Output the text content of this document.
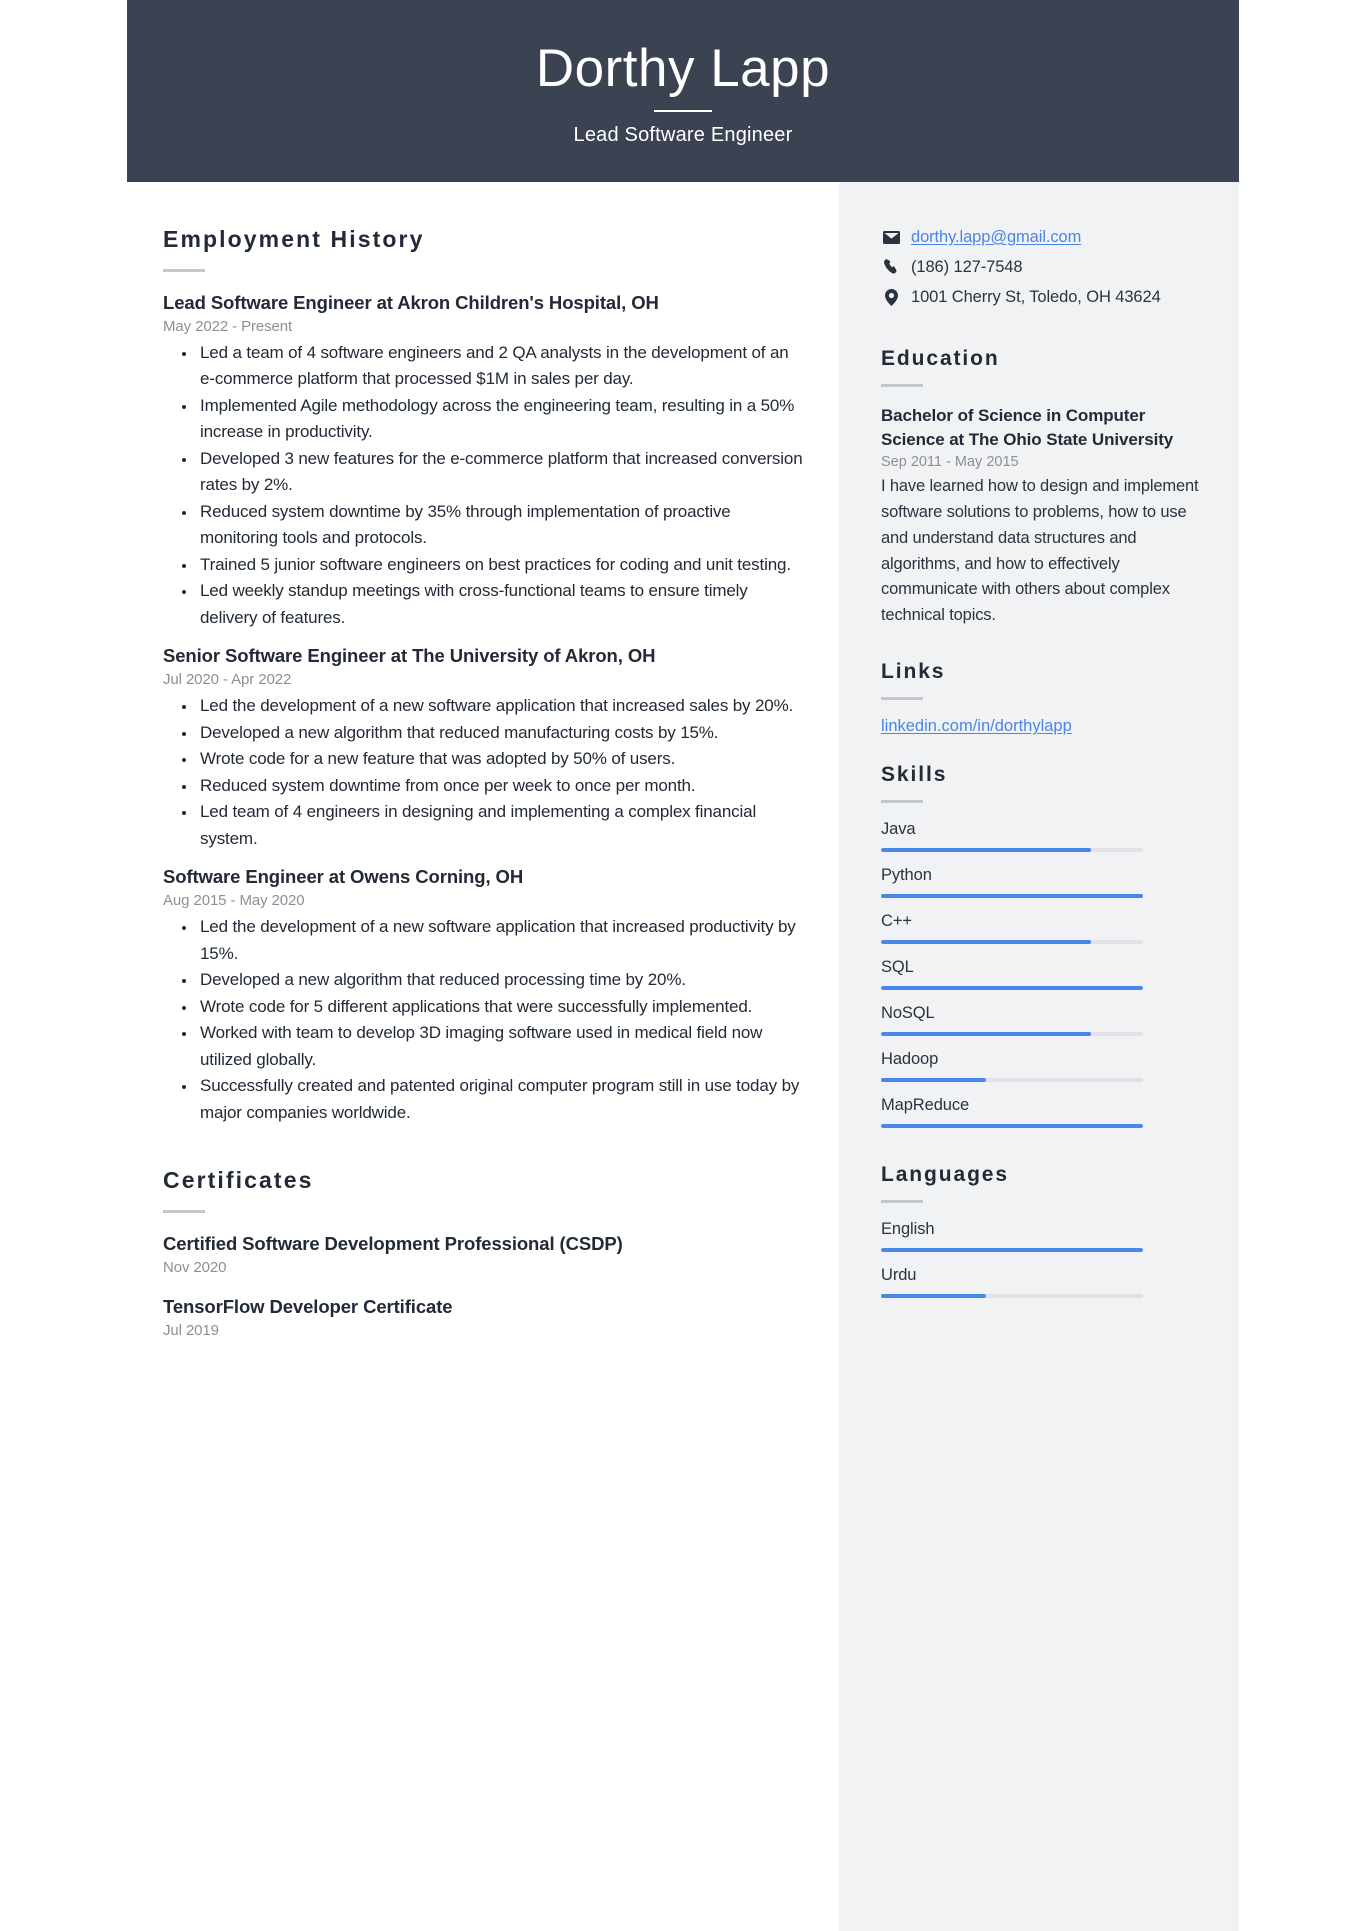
Dorthy Lapp
Lead Software Engineer
Employment History
Lead Software Engineer at Akron Children's Hospital, OH
May 2022 - Present
• Led a team of 4 software engineers and 2 QA analysts in the development of an e-commerce platform that processed $1M in sales per day.
• Implemented Agile methodology across the engineering team, resulting in a 50% increase in productivity.
• Developed 3 new features for the e-commerce platform that increased conversion rates by 2%.
• Reduced system downtime by 35% through implementation of proactive monitoring tools and protocols.
• Trained 5 junior software engineers on best practices for coding and unit testing.
• Led weekly standup meetings with cross-functional teams to ensure timely delivery of features.
Senior Software Engineer at The University of Akron, OH
Jul 2020 - Apr 2022
• Led the development of a new software application that increased sales by 20%.
• Developed a new algorithm that reduced manufacturing costs by 15%.
• Wrote code for a new feature that was adopted by 50% of users.
• Reduced system downtime from once per week to once per month.
• Led team of 4 engineers in designing and implementing a complex financial system.
Software Engineer at Owens Corning, OH
Aug 2015 - May 2020
• Led the development of a new software application that increased productivity by 15%.
• Developed a new algorithm that reduced processing time by 20%.
• Wrote code for 5 different applications that were successfully implemented.
• Worked with team to develop 3D imaging software used in medical field now utilized globally.
• Successfully created and patented original computer program still in use today by major companies worldwide.
Certificates
Certified Software Development Professional (CSDP)
Nov 2020
TensorFlow Developer Certificate
Jul 2019
dorthy.lapp@gmail.com
(186) 127-7548
1001 Cherry St, Toledo, OH 43624
Education
Bachelor of Science in Computer Science at The Ohio State University
Sep 2011 - May 2015
I have learned how to design and implement software solutions to problems, how to use and understand data structures and algorithms, and how to effectively communicate with others about complex technical topics.
Links
linkedin.com/in/dorthylapp
Skills
Java
Python
C++
SQL
NoSQL
Hadoop
MapReduce
Languages
English
Urdu
